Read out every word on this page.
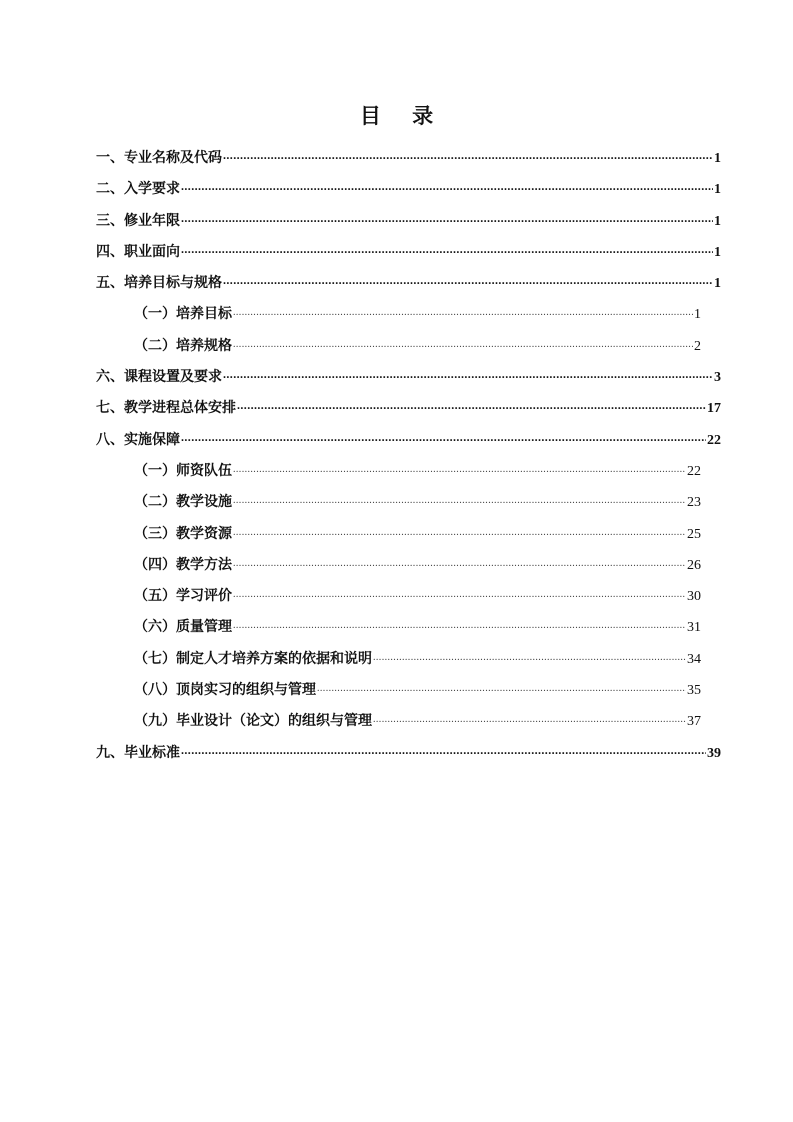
目 录
一、专业名称及代码 .....	1
二、入学要求 .....	1
三、修业年限 .....	1
四、职业面向 .....	1
五、培养目标与规格 .....	1
（一）培养目标 .....	1
（二）培养规格 .....	2
六、课程设置及要求 .....	3
七、教学进程总体安排 .....	17
八、实施保障 .....	22
（一）师资队伍 .....	22
（二）教学设施 .....	23
（三）教学资源 .....	25
（四）教学方法 .....	26
（五）学习评价 .....	30
（六）质量管理 .....	31
（七）制定人才培养方案的依据和说明 .....	34
（八）顶岗实习的组织与管理 .....	35
（九）毕业设计（论文）的组织与管理 .....	37
九、毕业标准 .....	39
